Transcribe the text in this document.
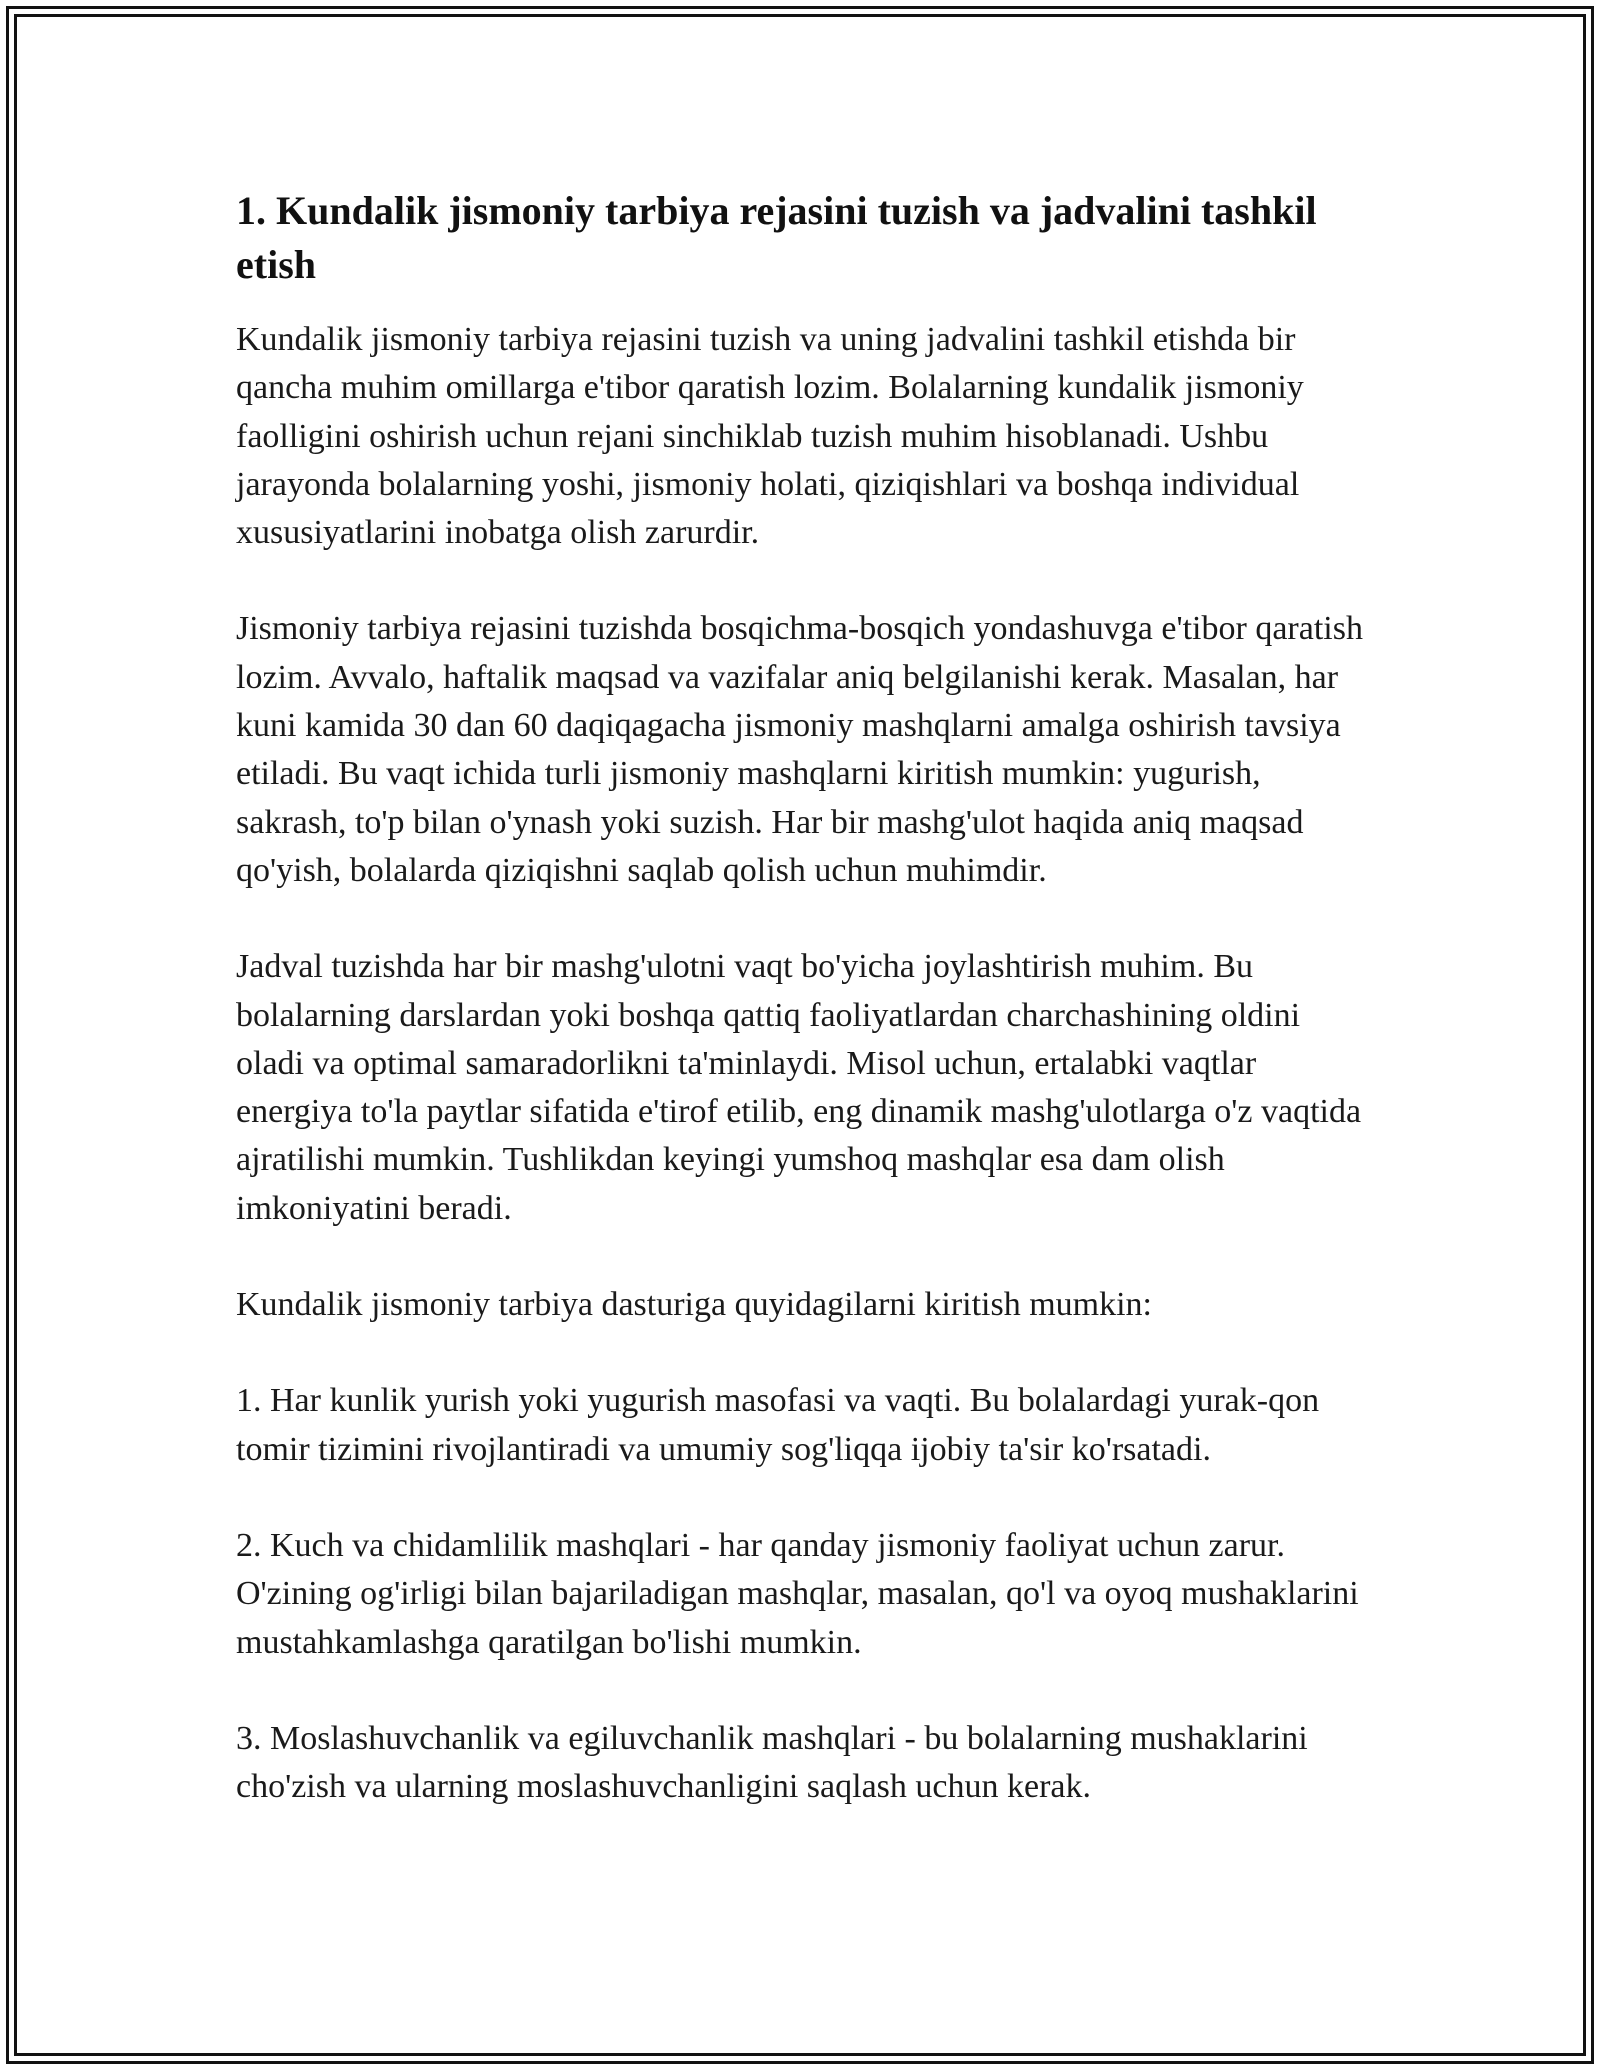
1. Kundalik jismoniy tarbiya rejasini tuzish va jadvalini tashkil etish

Kundalik jismoniy tarbiya rejasini tuzish va uning jadvalini tashkil etishda bir qancha muhim omillarga e'tibor qaratish lozim. Bolalarning kundalik jismoniy faolligini oshirish uchun rejani sinchiklab tuzish muhim hisoblanadi. Ushbu jarayonda bolalarning yoshi, jismoniy holati, qiziqishlari va boshqa individual xususiyatlarini inobatga olish zarurdir.

Jismoniy tarbiya rejasini tuzishda bosqichma-bosqich yondashuvga e'tibor qaratish lozim. Avvalo, haftalik maqsad va vazifalar aniq belgilanishi kerak. Masalan, har kuni kamida 30 dan 60 daqiqagacha jismoniy mashqlarni amalga oshirish tavsiya etiladi. Bu vaqt ichida turli jismoniy mashqlarni kiritish mumkin: yugurish, sakrash, to'p bilan o'ynash yoki suzish. Har bir mashg'ulot haqida aniq maqsad qo'yish, bolalarda qiziqishni saqlab qolish uchun muhimdir.

Jadval tuzishda har bir mashg'ulotni vaqt bo'yicha joylashtirish muhim. Bu bolalarning darslardan yoki boshqa qattiq faoliyatlardan charchashining oldini oladi va optimal samaradorlikni ta'minlaydi. Misol uchun, ertalabki vaqtlar energiya to'la paytlar sifatida e'tirof etilib, eng dinamik mashg'ulotlarga o'z vaqtida ajratilishi mumkin. Tushlikdan keyingi yumshoq mashqlar esa dam olish imkoniyatini beradi.

Kundalik jismoniy tarbiya dasturiga quyidagilarni kiritish mumkin:

1. Har kunlik yurish yoki yugurish masofasi va vaqti. Bu bolalardagi yurak-qon tomir tizimini rivojlantiradi va umumiy sog'liqqa ijobiy ta'sir ko'rsatadi.

2. Kuch va chidamlilik mashqlari - har qanday jismoniy faoliyat uchun zarur. O'zining og'irligi bilan bajariladigan mashqlar, masalan, qo'l va oyoq mushaklarini mustahkamlashga qaratilgan bo'lishi mumkin.

3. Moslashuvchanlik va egiluvchanlik mashqlari - bu bolalarning mushaklarini cho'zish va ularning moslashuvchanligini saqlash uchun kerak.
